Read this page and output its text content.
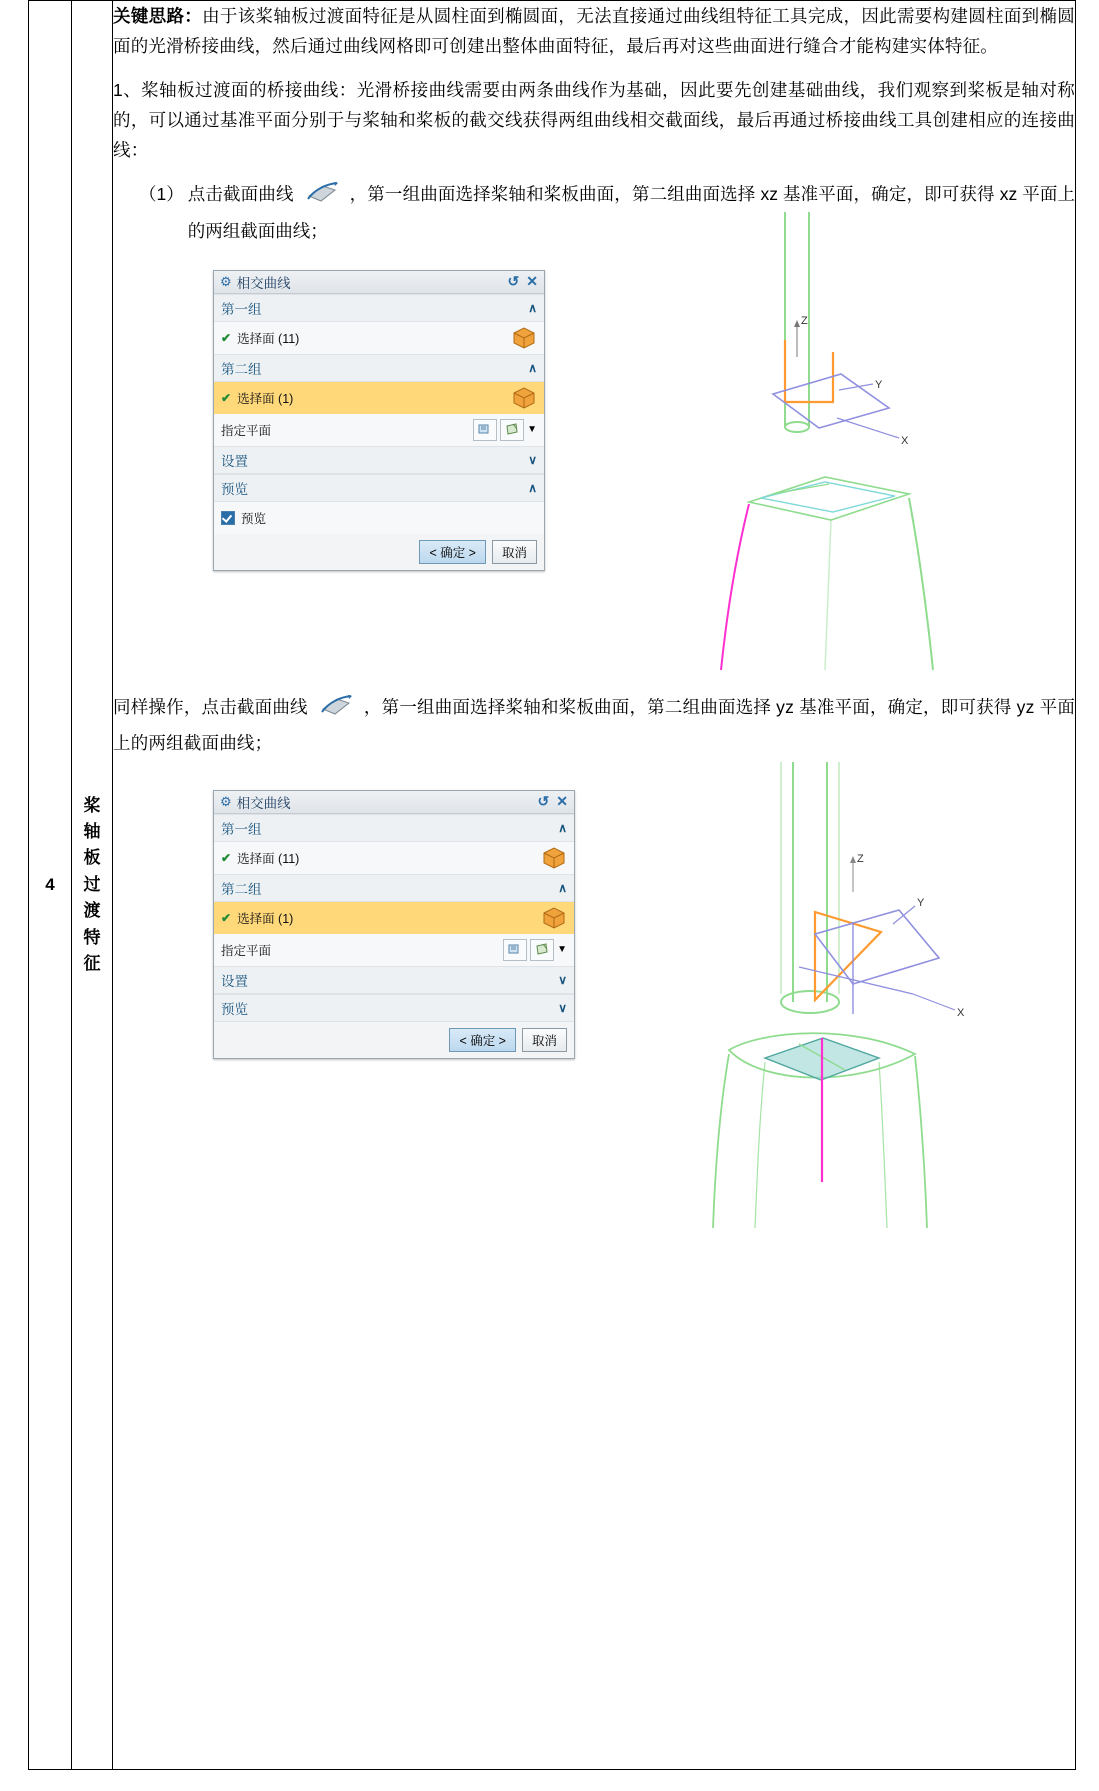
4	
桨
轴
板
过
渡
特
征

关键思路：由于该桨轴板过渡面特征是从圆柱面到椭圆面，无法直接通过曲线组特征工具完成，因此需要构建圆柱面到椭圆面的光滑桥接曲线，然后通过曲线网格即可创建出整体曲面特征，最后再对这些曲面进行缝合才能构建实体特征。

1、桨轴板过渡面的桥接曲线：光滑桥接曲线需要由两条曲线作为基础，因此要先创建基础曲线，我们观察到桨板是轴对称的，可以通过基准平面分别于与桨轴和桨板的截交线获得两组曲线相交截面线，最后再通过桥接曲线工具创建相应的连接曲线：

（1） 点击截面曲线	，第一组曲面选择桨轴和桨板曲面，第二组曲面选择 xz 基准平面，确定，即可获得 xz 平面上的两组截面曲线；
⚙ 相交曲线	↺ ✕
第一组	∧
✔ 选择面 (11)
第二组	∧
✔ 选择面 (1)
指定平面	▼
设置	∨
预览	∧
预览
< 确定 >	取消
Z
Y
X

同样操作，点击截面曲线	，第一组曲面选择桨轴和桨板曲面，第二组曲面选择 yz 基准平面，确定，即可获得 yz 平面上的两组截面曲线；

⚙ 相交曲线	↺ ✕
第一组	∧
✔ 选择面 (11)
第二组	∧
✔ 选择面 (1)
指定平面	▼
设置	∨
预览	∨
< 确定 >	取消
Z
Y
X
